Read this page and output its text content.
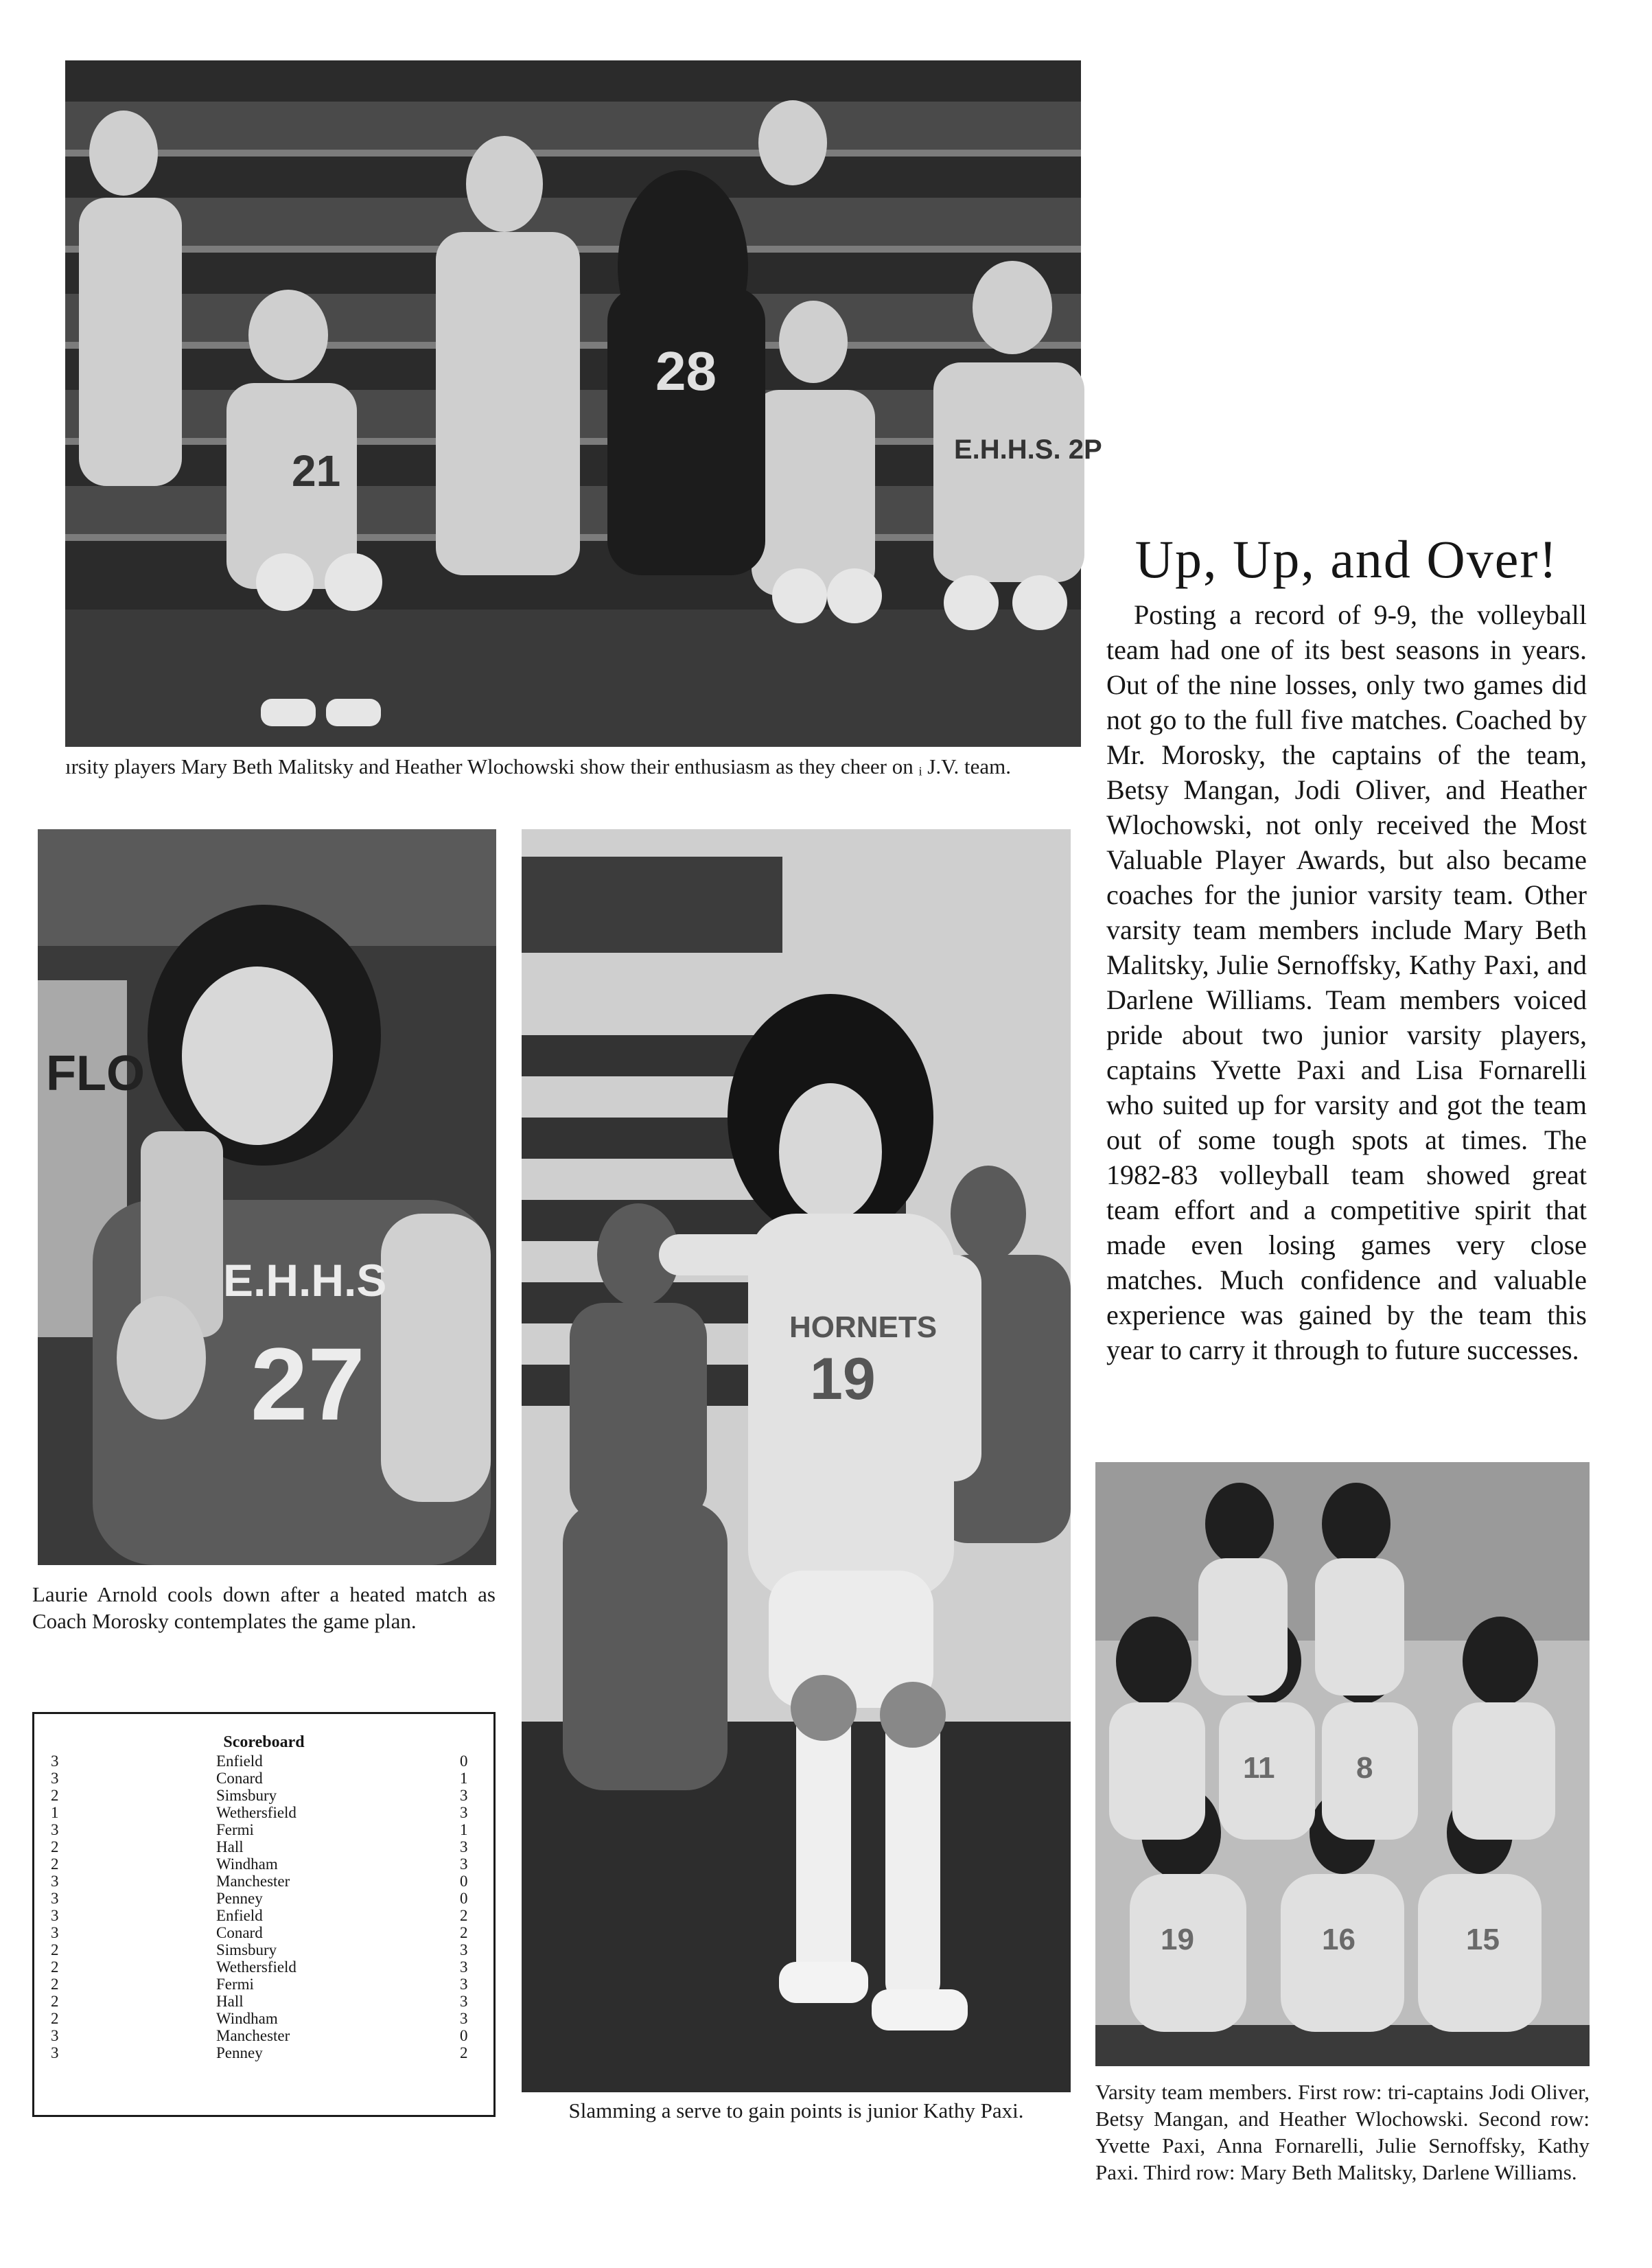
21
28
E.H.H.S. 2P
ırsity players Mary Beth Malitsky and Heather Wlochowski show their enthusiasm as they cheer on ᵢ J.V. team.
FLO
E.H.H.S
27
Laurie Arnold cools down after a heated match as Coach Morosky contemplates the game plan.
Scoreboard
3	Enfield	0
3	Conard	1
2	Simsbury	3
1	Wethersfield	3
3	Fermi	1
2	Hall	3
2	Windham	3
3	Manchester	0
3	Penney	0
3	Enfield	2
3	Conard	2
2	Simsbury	3
2	Wethersfield	3
2	Fermi	3
2	Hall	3
2	Windham	3
3	Manchester	0
3	Penney	2
HORNETS
19
Slamming a serve to gain points is junior Kathy Paxi.
Up, Up, and Over!

Posting a record of 9-9, the volleyball team had one of its best seasons in years. Out of the nine losses, only two games did not go to the full five matches. Coached by Mr. Morosky, the captains of the team, Betsy Mangan, Jodi Oliver, and Heather Wlochowski, not only received the Most Valuable Player Awards, but also became coaches for the junior varsity team. Other varsity team members include Mary Beth Malitsky, Julie Sernoffsky, Kathy Paxi, and Darlene Williams. Team members voiced pride about two junior varsity players, captains Yvette Paxi and Lisa Fornarelli who suited up for varsity and got the team out of some tough spots at times. The 1982-83 volleyball team showed great team effort and a competitive spirit that made even losing games very close matches. Much confidence and valuable experience was gained by the team this year to carry it through to future successes.

11	8
19	16	15
Varsity team members. First row: tri-captains Jodi Oliver, Betsy Mangan, and Heather Wlochowski. Second row: Yvette Paxi, Anna Fornarelli, Julie Sernoffsky, Kathy Paxi. Third row: Mary Beth Malitsky, Darlene Williams.
